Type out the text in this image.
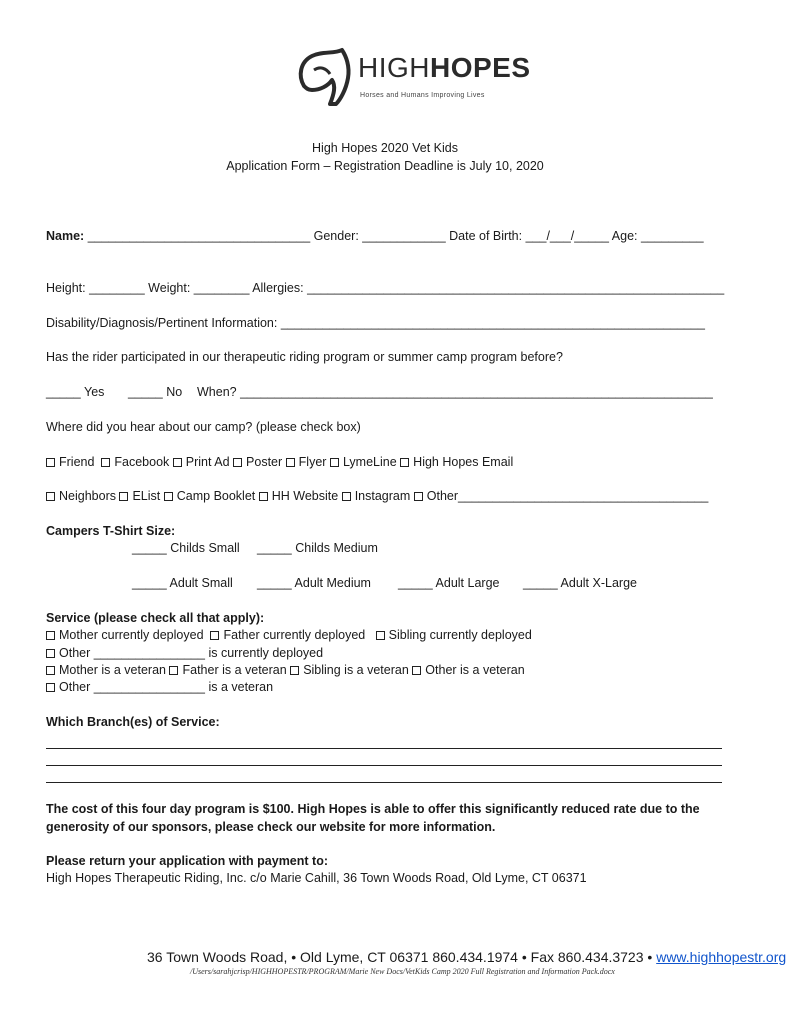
HIGHHOPES
Horses and Humans Improving Lives
High Hopes 2020 Vet Kids
Application Form – Registration Deadline is July 10, 2020
Name: ________________________________ Gender: ____________ Date of Birth: ___/___/_____ Age: _________
Height: ________ Weight: ________ Allergies: ____________________________________________________________
Disability/Diagnosis/Pertinent Information: _____________________________________________________________
Has the rider participated in our therapeutic riding program or summer camp program before?
_____ Yes _____ No When? ____________________________________________________________________
Where did you hear about our camp? (please check box)
Friend Facebook Print Ad Poster Flyer LymeLine High Hopes Email
Neighbors EList Camp Booklet HH Website Instagram Other____________________________________
Campers T-Shirt Size:
_____ Childs Small _____ Childs Medium
_____ Adult Small _____ Adult Medium _____ Adult Large _____ Adult X-Large
Service (please check all that apply):
Mother currently deployed Father currently deployed Sibling currently deployed
Other ________________ is currently deployed
Mother is a veteran Father is a veteran Sibling is a veteran Other is a veteran
Other ________________ is a veteran
Which Branch(es) of Service:
The cost of this four day program is $100. High Hopes is able to offer this significantly reduced rate due to the
generosity of our sponsors, please check our website for more information.
Please return your application with payment to:
High Hopes Therapeutic Riding, Inc. c/o Marie Cahill, 36 Town Woods Road, Old Lyme, CT 06371
36 Town Woods Road, • Old Lyme, CT 06371 860.434.1974 • Fax 860.434.3723 • www.highhopestr.org
/Users/sarahjcrisp/HIGHHOPESTR/PROGRAM/Marie New Docs/VetKids Camp 2020 Full Registration and Information Pack.docx
